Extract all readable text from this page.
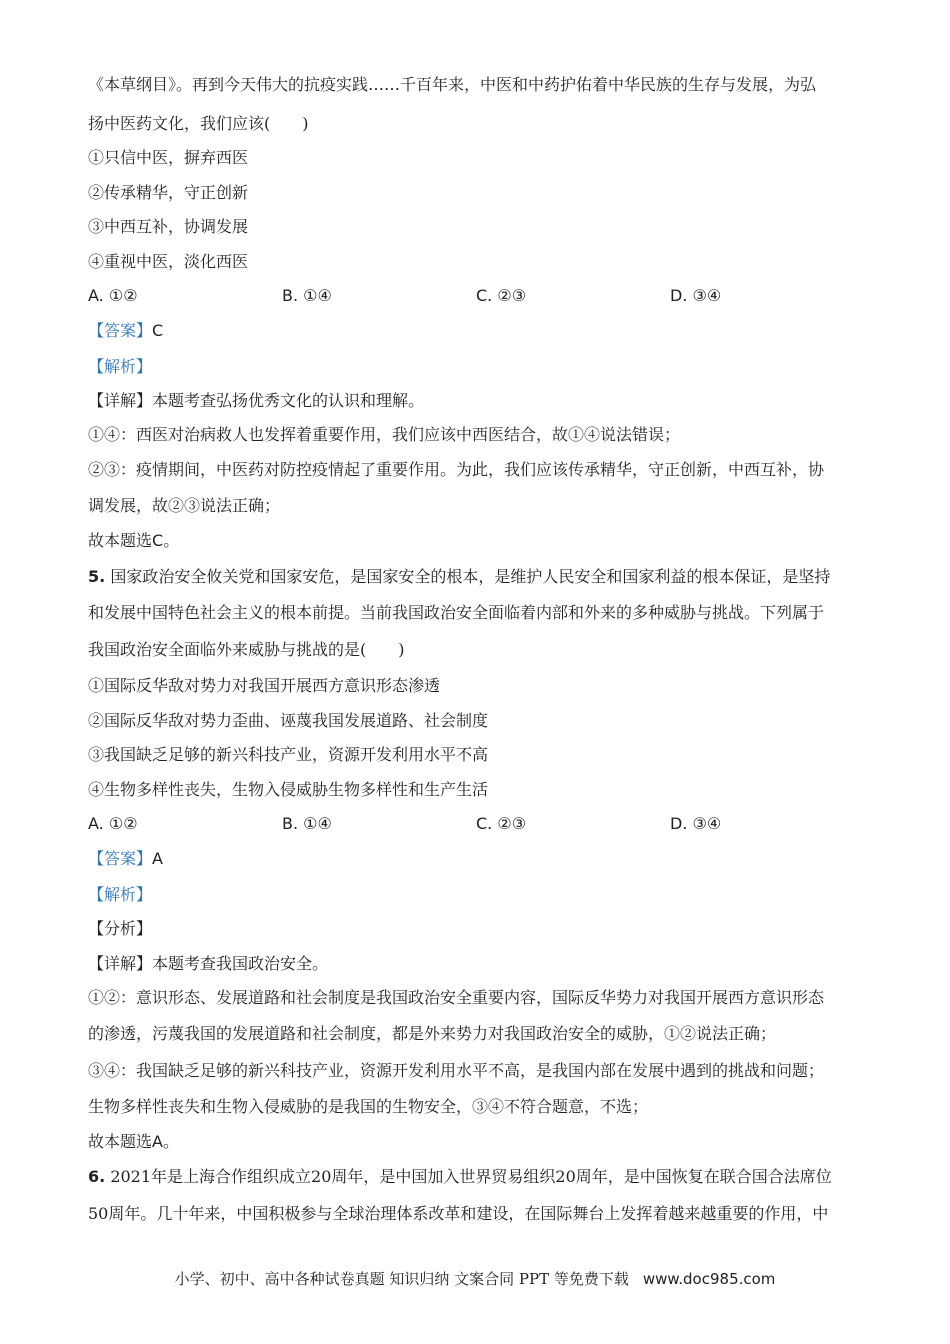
《本草纲目》。再到今天伟大的抗疫实践……千百年来，中医和中药护佑着中华民族的生存与发展，为弘
扬中医药文化，我们应该(　　)
①只信中医，摒弃西医
②传承精华，守正创新
③中西互补，协调发展
④重视中医，淡化西医
A. ①②	B. ①④	C. ②③	D. ③④
【答案】C
【解析】
【详解】本题考查弘扬优秀文化的认识和理解。
①④：西医对治病救人也发挥着重要作用，我们应该中西医结合，故①④说法错误；
②③：疫情期间，中医药对防控疫情起了重要作用。为此，我们应该传承精华，守正创新，中西互补，协
调发展，故②③说法正确；
故本题选C。
5. 国家政治安全攸关党和国家安危，是国家安全的根本，是维护人民安全和国家利益的根本保证，是坚持
和发展中国特色社会主义的根本前提。当前我国政治安全面临着内部和外来的多种威胁与挑战。下列属于
我国政治安全面临外来威胁与挑战的是(　　)
①国际反华敌对势力对我国开展西方意识形态渗透
②国际反华敌对势力歪曲、诬蔑我国发展道路、社会制度
③我国缺乏足够的新兴科技产业，资源开发利用水平不高
④生物多样性丧失，生物入侵威胁生物多样性和生产生活
A. ①②	B. ①④	C. ②③	D. ③④
【答案】A
【解析】
【分析】
【详解】本题考查我国政治安全。
①②：意识形态、发展道路和社会制度是我国政治安全重要内容，国际反华势力对我国开展西方意识形态
的渗透，污蔑我国的发展道路和社会制度，都是外来势力对我国政治安全的威胁，①②说法正确；
③④：我国缺乏足够的新兴科技产业，资源开发利用水平不高，是我国内部在发展中遇到的挑战和问题；
生物多样性丧失和生物入侵威胁的是我国的生物安全，③④不符合题意，不选；
故本题选A。
6. 2021年是上海合作组织成立20周年，是中国加入世界贸易组织20周年，是中国恢复在联合国合法席位
50周年。几十年来，中国积极参与全球治理体系改革和建设，在国际舞台上发挥着越来越重要的作用，中
小学、初中、高中各种试卷真题 知识归纳 文案合同 PPT 等免费下载 www.doc985.com
